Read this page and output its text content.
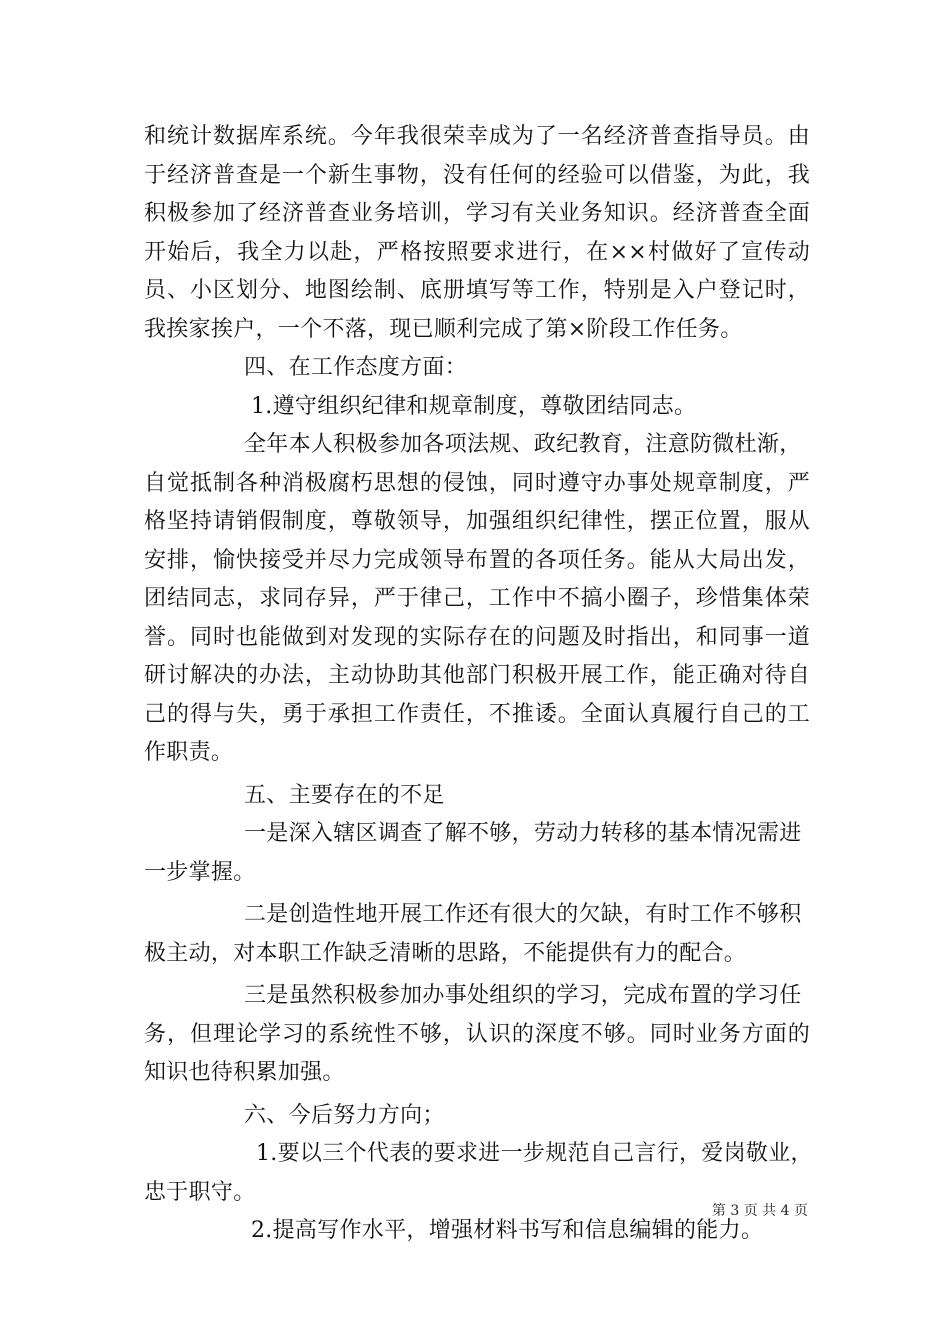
和统计数据库系统。今年我很荣幸成为了一名经济普查指导员。由
于经济普查是一个新生事物，没有任何的经验可以借鉴，为此，我
积极参加了经济普查业务培训，学习有关业务知识。经济普查全面
开始后，我全力以赴，严格按照要求进行，在××村做好了宣传动
员、小区划分、地图绘制、底册填写等工作，特别是入户登记时，
我挨家挨户，一个不落，现已顺利完成了第×阶段工作任务。
四、在工作态度方面：
1.遵守组织纪律和规章制度，尊敬团结同志。
全年本人积极参加各项法规、政纪教育，注意防微杜渐，
自觉抵制各种消极腐朽思想的侵蚀，同时遵守办事处规章制度，严
格坚持请销假制度，尊敬领导，加强组织纪律性，摆正位置，服从
安排，愉快接受并尽力完成领导布置的各项任务。能从大局出发，
团结同志，求同存异，严于律己，工作中不搞小圈子，珍惜集体荣
誉。同时也能做到对发现的实际存在的问题及时指出，和同事一道
研讨解决的办法，主动协助其他部门积极开展工作，能正确对待自
己的得与失，勇于承担工作责任，不推诿。全面认真履行自己的工
作职责。
五、主要存在的不足
一是深入辖区调查了解不够，劳动力转移的基本情况需进
一步掌握。
二是创造性地开展工作还有很大的欠缺，有时工作不够积
极主动，对本职工作缺乏清晰的思路，不能提供有力的配合。
三是虽然积极参加办事处组织的学习，完成布置的学习任
务，但理论学习的系统性不够，认识的深度不够。同时业务方面的
知识也待积累加强。
六、今后努力方向；
1.要以三个代表的要求进一步规范自己言行，爱岗敬业，
忠于职守。
2.提高写作水平，增强材料书写和信息编辑的能力。
第 3 页 共 4 页
